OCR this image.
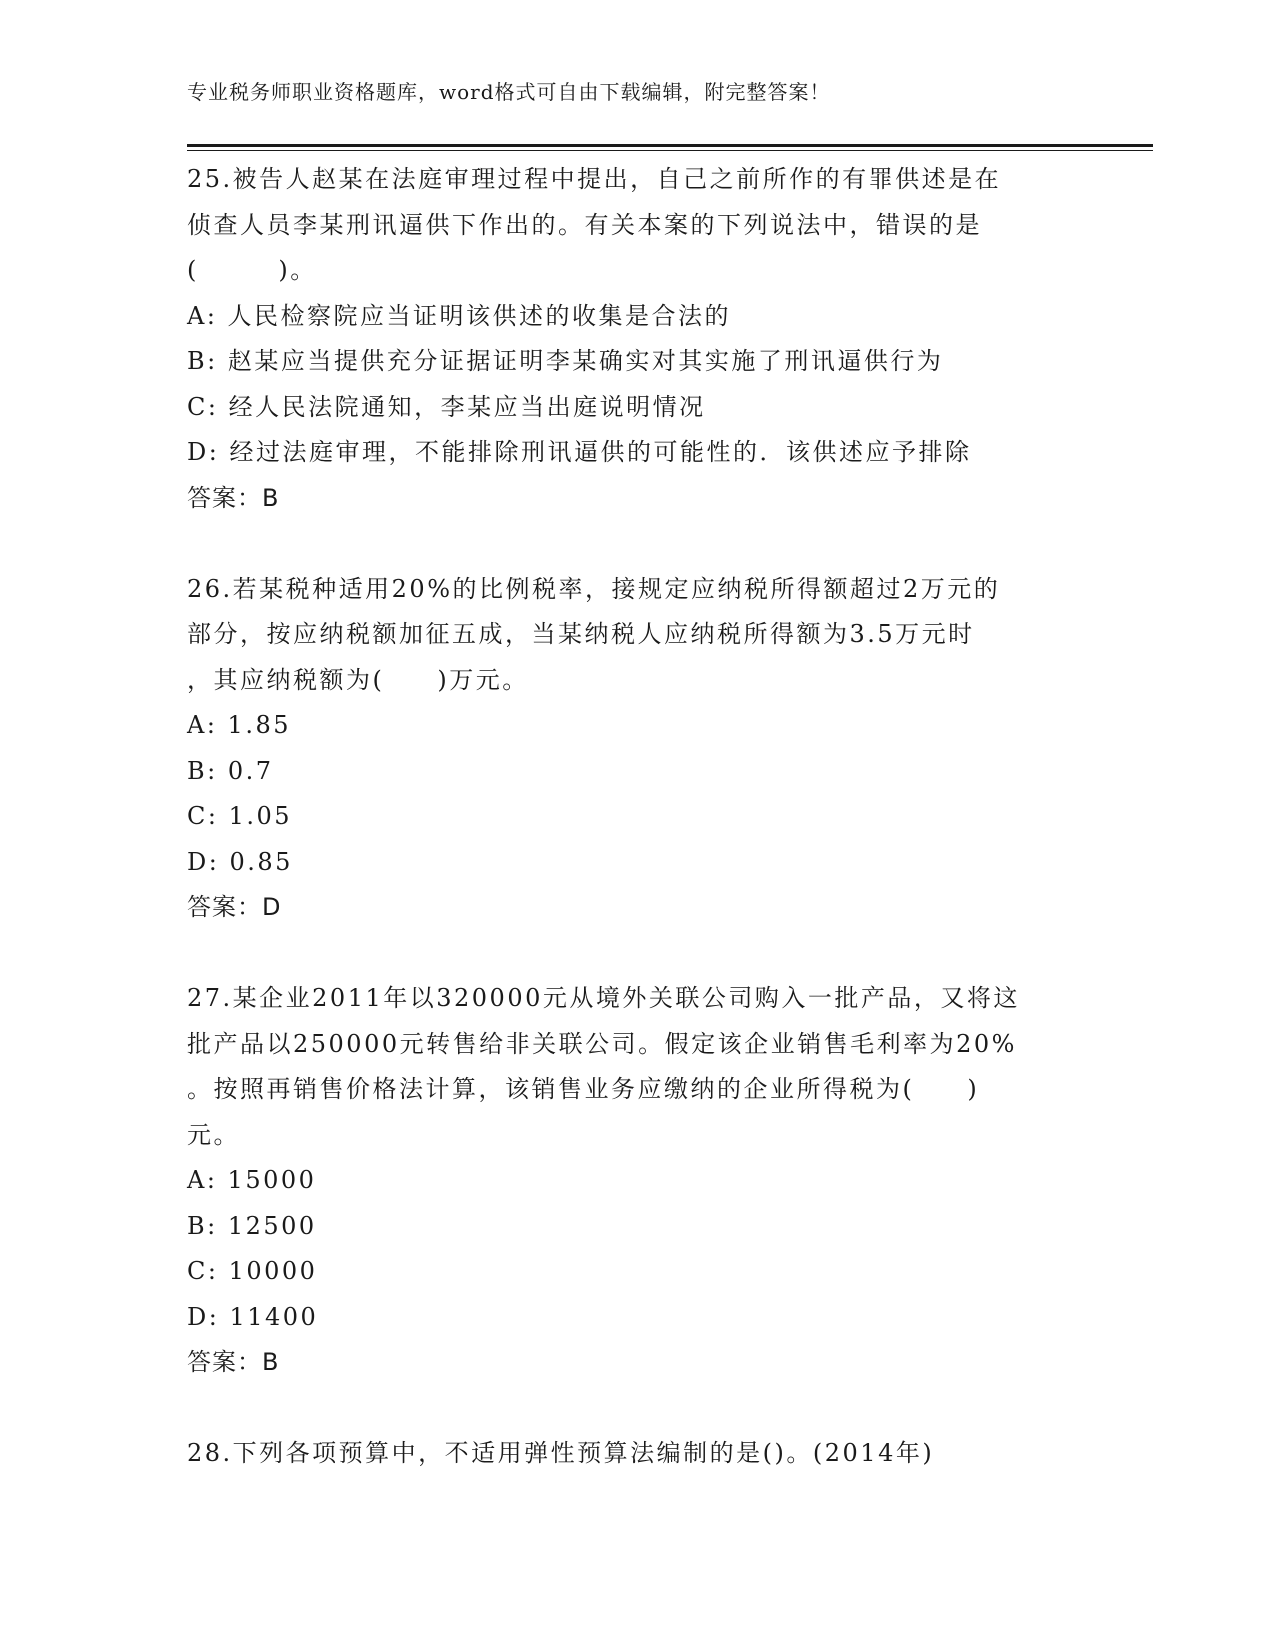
专业税务师职业资格题库，word格式可自由下载编辑，附完整答案！
25.被告人赵某在法庭审理过程中提出，自己之前所作的有罪供述是在
侦查人员李某刑讯逼供下作出的。有关本案的下列说法中，错误的是
(　　　)。
A: 人民检察院应当证明该供述的收集是合法的
B: 赵某应当提供充分证据证明李某确实对其实施了刑讯逼供行为
C: 经人民法院通知，李某应当出庭说明情况
D: 经过法庭审理，不能排除刑讯逼供的可能性的．该供述应予排除
答案：B
26.若某税种适用20%的比例税率，接规定应纳税所得额超过2万元的
部分，按应纳税额加征五成，当某纳税人应纳税所得额为3.5万元时
，其应纳税额为(　　)万元。
A: 1.85
B: 0.7
C: 1.05
D: 0.85
答案：D
27.某企业2011年以320000元从境外关联公司购入一批产品，又将这
批产品以250000元转售给非关联公司。假定该企业销售毛利率为20%
。按照再销售价格法计算，该销售业务应缴纳的企业所得税为(　　)
元。
A: 15000
B: 12500
C: 10000
D: 11400
答案：B
28.下列各项预算中，不适用弹性预算法编制的是()。(2014年)
